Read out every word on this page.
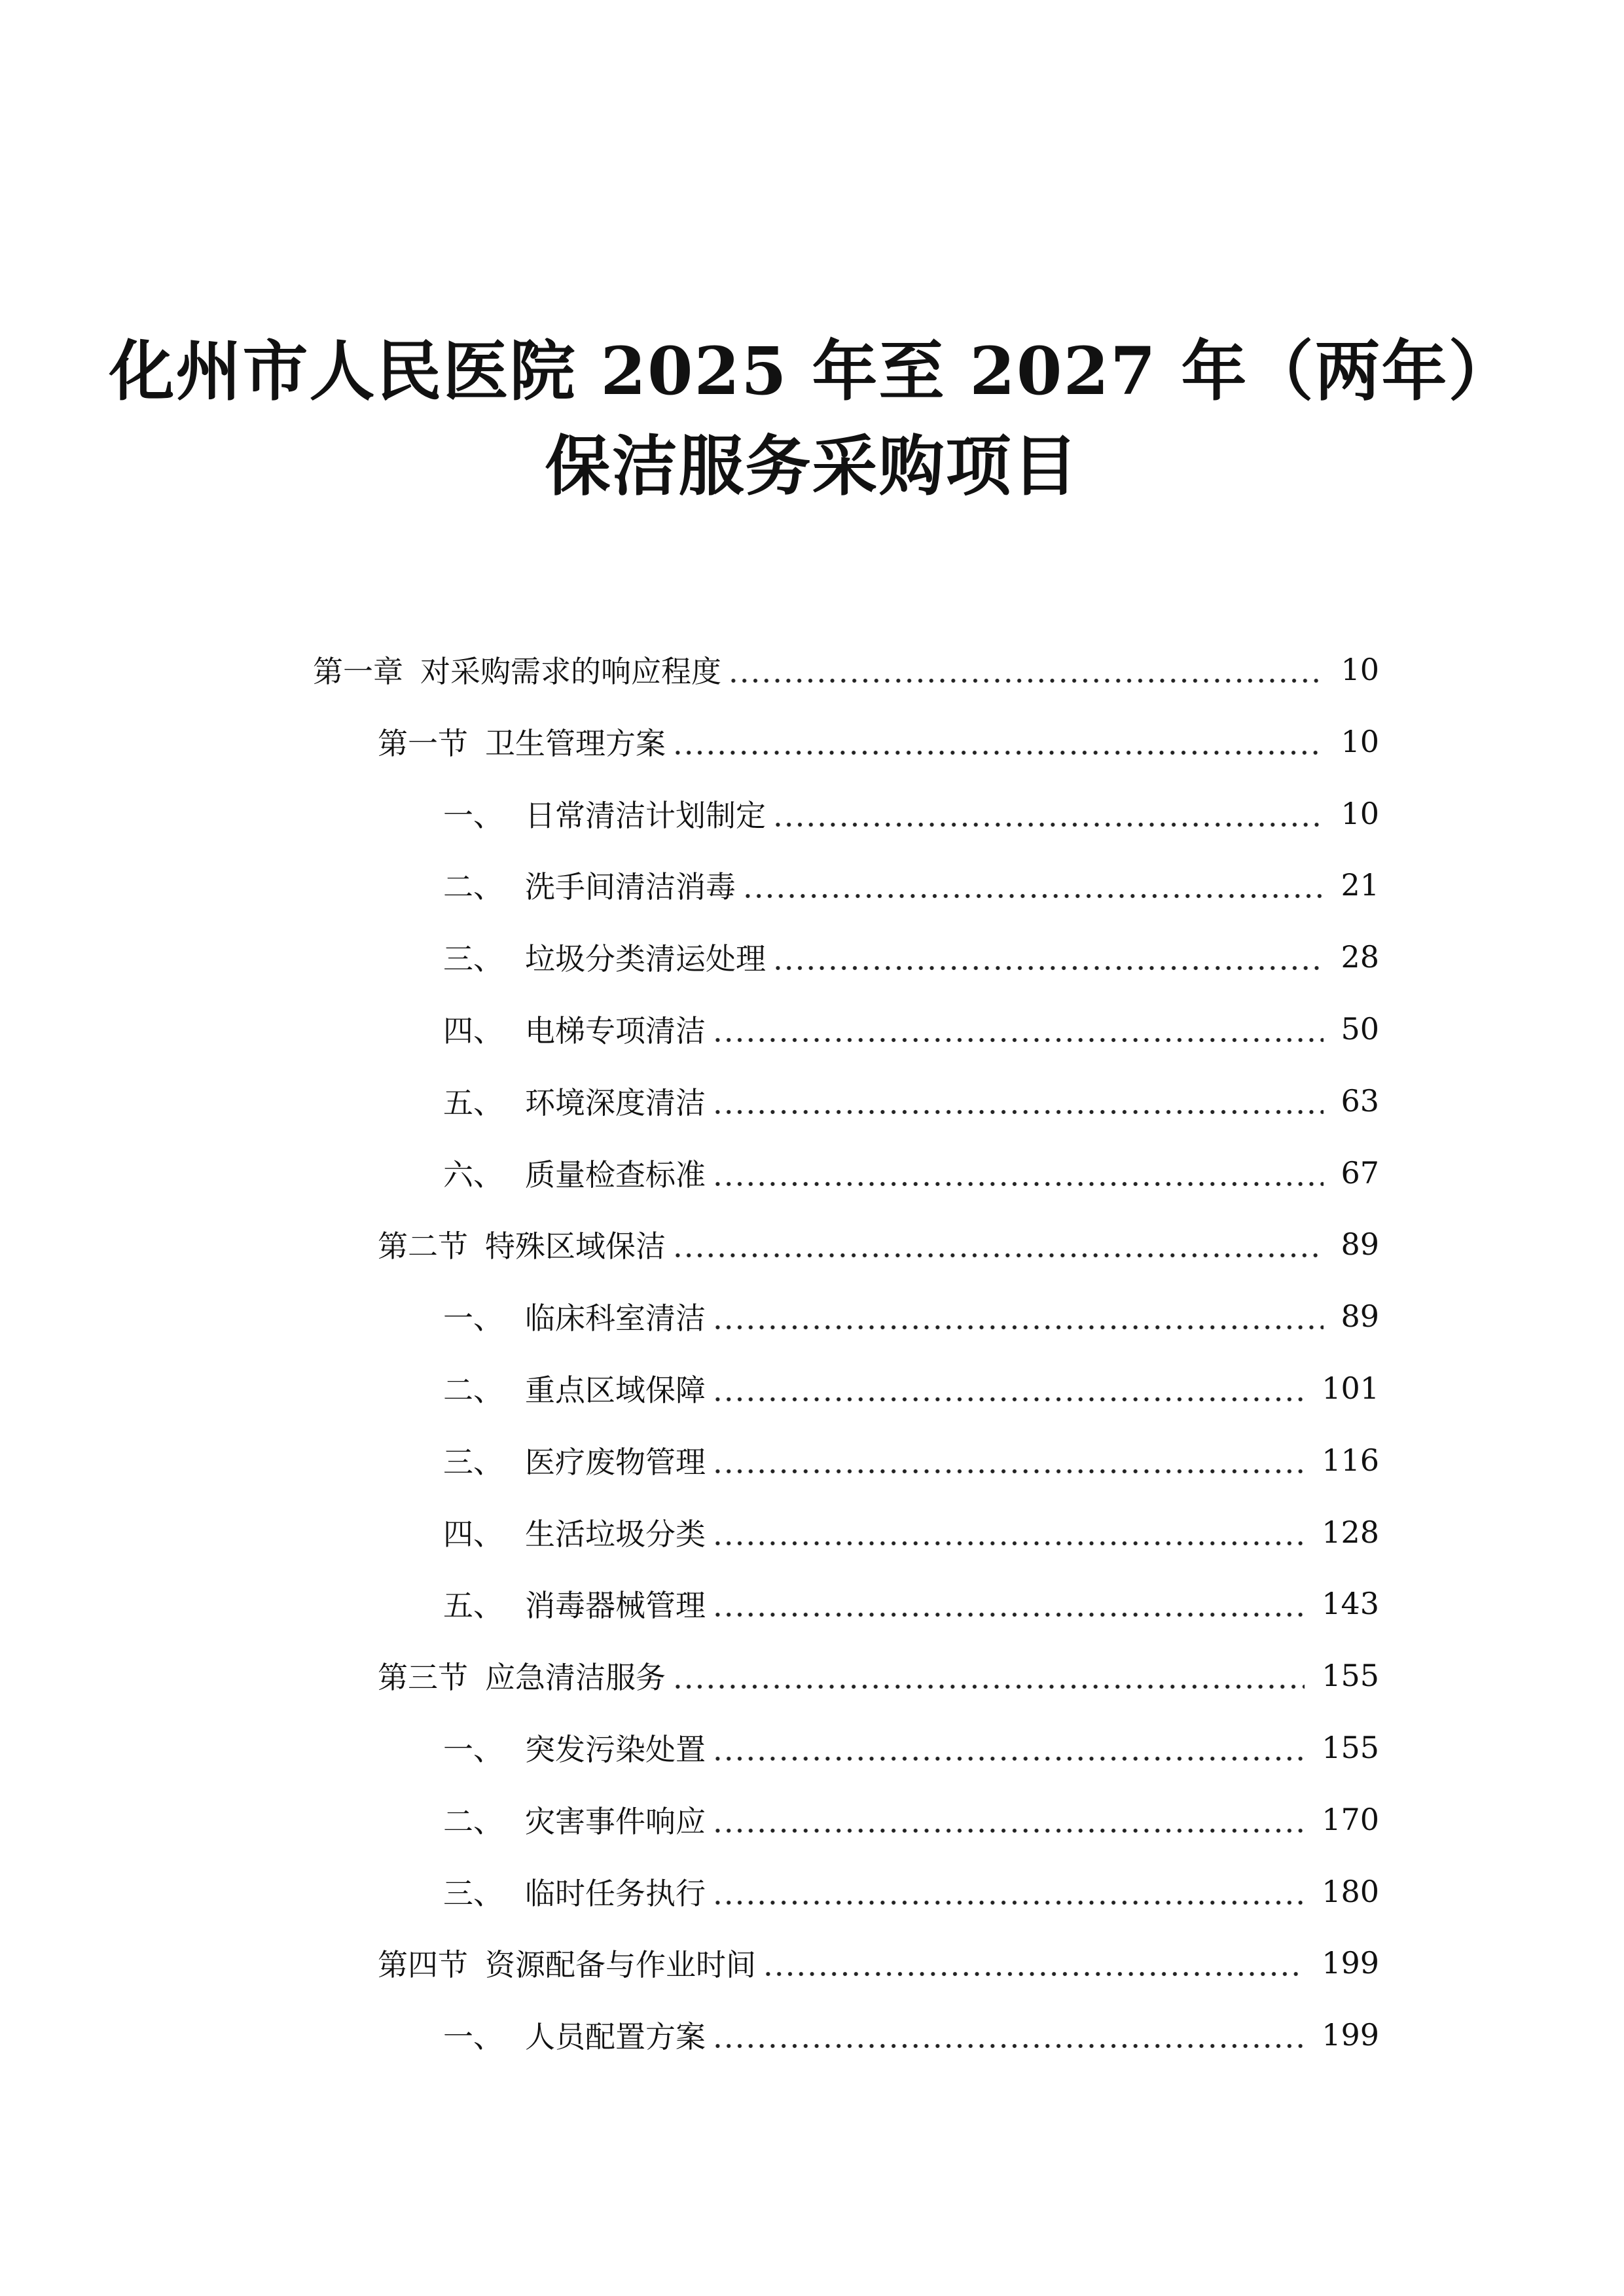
化州市人民医院 2025 年至 2027 年（两年）
保洁服务采购项目
第一章 对采购需求的响应程度	10
第一节 卫生管理方案	10
一、 日常清洁计划制定	10
二、 洗手间清洁消毒	21
三、 垃圾分类清运处理	28
四、 电梯专项清洁	50
五、 环境深度清洁	63
六、 质量检查标准	67
第二节 特殊区域保洁	89
一、 临床科室清洁	89
二、 重点区域保障	101
三、 医疗废物管理	116
四、 生活垃圾分类	128
五、 消毒器械管理	143
第三节 应急清洁服务	155
一、 突发污染处置	155
二、 灾害事件响应	170
三、 临时任务执行	180
第四节 资源配备与作业时间	199
一、 人员配置方案	199
